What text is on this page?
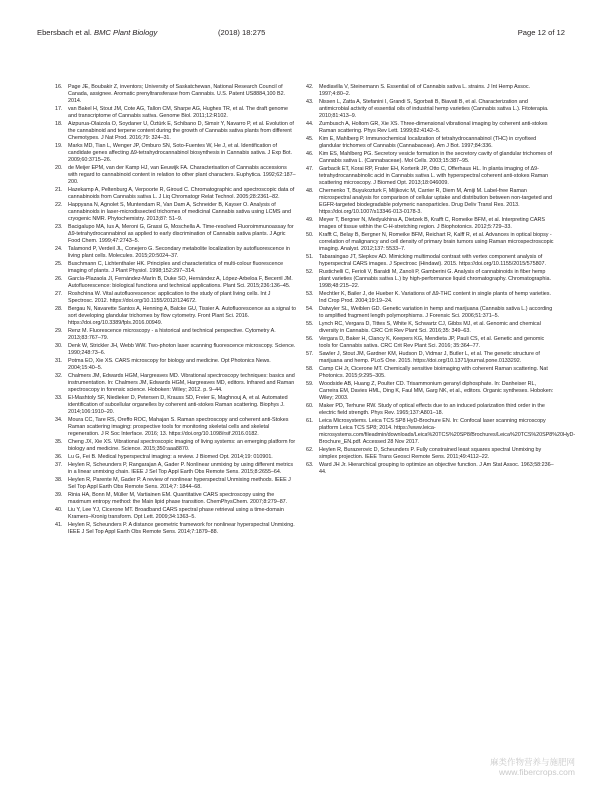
Ebersbach et al. BMC Plant Biology	(2018) 18:275	Page 12 of 12
16. Page JE, Boubakir Z, inventors; University of Saskatchewan, National Research Council of Canada, assignee. Aromatic prenyltransferase from Cannabis. U.S. Patent US8884,100 B2. 2014.
17. van Bakel H, Stout JM, Cote AG, Tallon CM, Sharpe AG, Hughes TR, et al. The draft genome and transcriptome of Cannabis sativa. Genome Biol. 2011;12:R102.
18. Aizpurua-Olaizola O, Soydaner U, Öztürk E, Schibano D, Simsir Y, Navarro P, et al. Evolution of the cannabinoid and terpene content during the growth of Cannabis sativa plants from different Chemotypes. J Nat Prod. 2016;79: 324–31.
19. Marks MD, Tian L, Wenger JP, Omburo SN, Soto-Fuentes W, He J, et al. Identification of candidate genes affecting Δ9-tetrahydrocannabinol biosynthesis in Cannabis sativa. J Exp Bot. 2009;60:3715–26.
20. de Meijer EPM, van der Kamp HJ, van Eeuwijk FA. Characterisation of Cannabis accessions with regard to cannabinoid content in relation to other plant characters. Euphytica. 1992;62:187–200.
21. Hazekamp A, Peltenburg A, Verpoorte R, Giroud C. Chromatographic and spectroscopic data of cannabinoids from Cannabis sativa L. J Liq Chromatogr Relat Technol. 2005;28:2361–82.
22. Happyana N, Agnolet S, Muntendam R, Van Dam A, Schneider B, Kayser O. Analysis of cannabinoids in laser-microdissected trichomes of medicinal Cannabis sativa using LCMS and cryogenic NMR. Phytochemistry. 2013;87: 51–9.
23. Bacigalupo MA, Ius A, Meroni G, Grassi G, Moschella A. Time-resolved Fluoroimmunoassay for Δ9-tetrahydrocannabinol as applied to early discrimination of Cannabis sativa plants. J Agric Food Chem. 1999;47:2743–5.
24. Talamond P, Verdeil JL, Conejero G. Secondary metabolite localization by autofluorescence in living plant cells. Molecules. 2015;20:5024–37.
25. Buschmann C, Lichtenthaler HK. Principles and characteristics of multi-colour fluorescence imaging of plants. J Plant Physiol. 1998;152:297–314.
26. García-Plazaola JI, Fernández-Marín B, Duke SO, Hernández A, López-Arbeloa F, Becerril JM. Autofluorescence: biological functions and technical applications. Plant Sci. 2015;236:136–45.
27. Roshchina W. Vital autofluorescence: application to the study of plant living cells. Int J Spectrosc. 2012. https://doi.org/10.1155/2012/124672.
28. Bergau N, Navarette Santos A, Henning A, Balcke GU, Tissier A. Autofluorescence as a signal to sort developing glandular trichomes by flow cytometry. Front Plant Sci. 2016. https://doi.org/10.3389/fpls.2016.00949.
29. Renz M. Fluorescence microscopy - a historical and technical perspective. Cytometry A. 2013;83:767–79.
30. Denk W, Strickler JH, Webb WW. Two-photon laser scanning fluorescence microscopy. Science. 1990;248:73–6.
31. Potma EO, Xie XS. CARS microscopy for biology and medicine. Opt Photonics News. 2004;15:40–5.
32. Chalmers JM, Edwards HGM, Hargreaves MD. Vibrational spectroscopy techniques: basics and instrumentation. In: Chalmers JM, Edwards HGM, Hargreaves MD, editors. Infrared and Raman spectroscopy in forensic science. Hoboken: Wiley; 2012. p. 9–44.
33. El-Mashtoly SF, Niedieker D, Petersen D, Krauss SD, Freier E, Maghnouj A, et al. Automated identification of subcellular organelles by coherent anti-stokes Raman scattering. Biophys J. 2014;106:1910–20.
34. Moura CC, Tare RS, Oreffo ROC, Mahajan S. Raman spectroscopy and coherent anti-Stokes Raman scattering imaging: prospective tools for monitoring skeletal cells and skeletal regeneration. J R Soc Interface. 2016; 13. https://doi.org/10.1098/rsif.2016.0182.
35. Cheng JX, Xie XS. Vibrational spectroscopic imaging of living systems: an emerging platform for biology and medicine. Science. 2015;350:aaa8870.
36. Lu G, Fei B. Medical hyperspectral imaging: a review. J Biomed Opt. 2014;19: 010901.
37. Heylen R, Scheunders P, Rangarajan A, Gader P. Nonlinear unmixing by using different metrics in a linear unmixing chain. IEEE J Sel Top Appl Earth Obs Remote Sens. 2015;8:2655–64.
38. Heylen R, Parente M, Gader P. A review of nonlinear hyperspectral Unmixing methods. IEEE J Sel Top Appl Earth Obs Remote Sens. 2014;7: 1844–68.
39. Rinia HA, Bonn M, Müller M, Vartiainen EM. Quantitative CARS spectroscopy using the maximum entropy method: the Main lipid phase transition. ChemPhysChem. 2007;8:279–87.
40. Liu Y, Lee YJ, Cicerone MT. Broadband CARS spectral phase retrieval using a time-domain Kramers–Kronig transform. Opt Lett. 2009;34:1363–5.
41. Heylen R, Scheunders P. A distance geometric framework for nonlinear hyperspectral Unmixing. IEEE J Sel Top Appl Earth Obs Remote Sens. 2014;7:1879–88.
42. Mediavilla V, Steinemann S. Essential oil of Cannabis sativa L. strains. J Int Hemp Assoc. 1997;4:80–2.
43. Nissen L, Zatta A, Stefanini I, Grandi S, Sgorbati B, Biavati B, et al. Characterization and antimicrobial activity of essential oils of industrial hemp varieties (Cannabis sativa L.). Fitoterapia. 2010;81:413–9.
44. Zumbusch A, Holtom GR, Xie XS. Three-dimensional vibrational imaging by coherent anti-stokes Raman scattering. Phys Rev Lett. 1999;82:4142–5.
45. Kim E, Mahlberg P. Immunochemical localization of tetrahydrocannabinol (THC) in cryofixed glandular trichomes of Cannabis (Cannabaceae). Am J Bot. 1997;84:336.
46. Kim ES, Mahlberg PG. Secretory vesicle formation in the secretory cavity of glandular trichomes of Cannabis sativa L. (Cannabaceae). Mol Cells. 2003;15:387–95.
47. Garbacik ET, Korai RP, Frater EH, Korterik JP, Otto C, Offerhaus HL. In planta imaging of Δ9-tetrahydrocannabinolic acid in Cannabis sativa L. with hyperspectral coherent anti-stokes Raman scattering microscopy. J Biomed Opt. 2013;18:046009.
48. Chernenko T, Buyukozturk F, Miljkovic M, Carrier R, Diem M, Amiji M. Label-free Raman microspectral analysis for comparison of cellular uptake and distribution between non-targeted and EGFR-targeted biodegradable polymeric nanoparticles. Drug Deliv Transl Res. 2013. https://doi.org/10.1007/s13346-013-0178-3.
49. Meyer T, Bergner N, Medyukhina A, Dietzek B, Krafft C, Romeike BFM, et al. Interpreting CARS images of tissue within the C-H-stretching region. J Biophotonics. 2012;5:729–33.
50. Krafft C, Belay B, Bergner N, Romeike BFM, Reichart R, Kalff R, et al. Advances in optical biopsy - correlation of malignancy and cell density of primary brain tumors using Raman microspectroscopic imaging. Analyst. 2012;137: 5533–7.
51. Tabaraingao JT, Slepkov AD. Mimicking multimodal contrast with vertex component analysis of hyperspectral CARS images. J Spectrosc (Hindawi). 2015. https://doi.org/10.1155/2015/575807.
52. Rustichelli C, Ferioli V, Baraldi M, Zanoli P, Gamberini G. Analysis of cannabinoids in fiber hemp plant varieties (Cannabis sativa L.) by high-performance liquid chromatography. Chromatographia. 1998;48:215–22.
53. Mechtler K, Bailer J, de Hueber K. Variations of Δ9-THC content in single plants of hemp varieties. Ind Crop Prod. 2004;19:19–24.
54. Datwyler SL, Weiblen GD. Genetic variation in hemp and marijuana (Cannabis sativa L.) according to amplified fragment length polymorphisms. J Forensic Sci. 2006;51:371–5.
55. Lynch RC, Vergara D, Tittes S, White K, Schwartz CJ, Gibbs MJ, et al. Genomic and chemical diversity in Cannabis. CRC Crit Rev Plant Sci. 2016;35: 349–63.
56. Vergara D, Baker H, Clancy K, Keepers KG, Mendieta JP, Pauli CS, et al. Genetic and genomic tools for Cannabis sativa. CRC Crit Rev Plant Sci. 2016; 35:364–77.
57. Sawler J, Stout JM, Gardner KM, Hudson D, Vidmar J, Butler L, et al. The genetic structure of marijuana and hemp. PLoS One. 2015. https://doi.org/10.1371/journal.pone.0133292.
58. Camp CH Jr, Cicerone MT. Chemically sensitive bioimaging with coherent Raman scattering. Nat Photonics. 2015;9:295–305.
59. Woodside AB, Huang Z, Poulter CD. Trisammonium geranyl diphosphate. In: Danheiser RL, Carreira EM, Davies HML, Ding K, Faul MM, Garg NK, et al., editors. Organic syntheses. Hoboken: Wiley; 2003.
60. Maker PD, Terhune RW. Study of optical effects due to an induced polarization third order in the electric field strength. Phys Rev. 1965;137:A801–18.
61. Leica Microsystems. Leica TCS SP8 HyD-Brochure EN. In: Confocal laser scanning microscopy platform Leica TCS SP8; 2014. https://www.leica-microsystems.com/fileadmin/downloads/Leica%20TCS%20SP8/Brochures/Leica%20TCS%20SP8%20HyD-Brochure_EN.pdf. Accessed 28 Nov 2017.
62. Heylen R, Burazerovic D, Scheunders P. Fully constrained least squares spectral Unmixing by simplex projection. IEEE Trans Geosci Remote Sens. 2011;49:4112–22.
63. Ward JH Jr. Hierarchical grouping to optimize an objective function. J Am Stat Assoc. 1963;58:236–44.
麻类作物营养与施肥网
www.fibercrops.com
